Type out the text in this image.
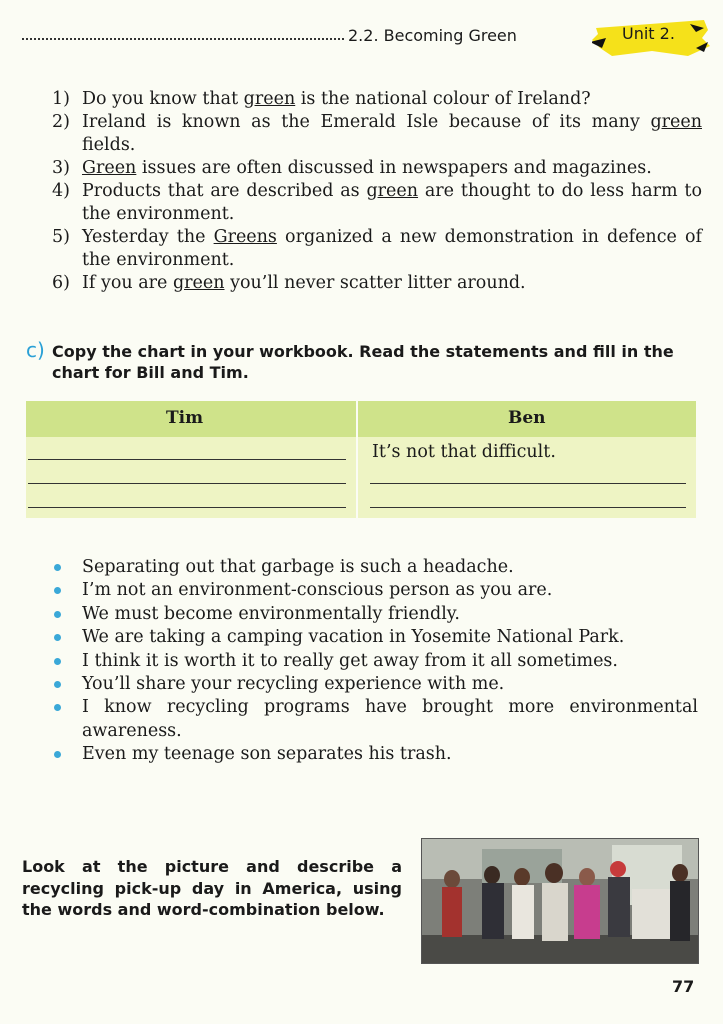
2.2. Becoming Green	Unit 2.
1) Do you know that green is the national colour of Ireland?
2) Ireland is known as the Emerald Isle because of its many green fields.
3) Green issues are often discussed in newspapers and magazines.
4) Products that are described as green are thought to do less harm to the environment.
5) Yesterday the Greens organized a new demonstration in defence of the environment.
6) If you are green you’ll never scatter litter around.
c) Copy the chart in your workbook. Read the statements and fill in the chart for Bill and Tim.
Tim	Ben
It’s not that difficult.
Separating out that garbage is such a headache.
I’m not an environment-conscious person as you are.
We must become environmentally friendly.
We are taking a camping vacation in Yosemite National Park.
I think it is worth it to really get away from it all sometimes.
You’ll share your recycling experience with me.
I know recycling programs have brought more environmental awareness.
Even my teenage son separates his trash.
Look at the picture and describe a recycling pick-up day in America, using the words and word-combination below.
77
